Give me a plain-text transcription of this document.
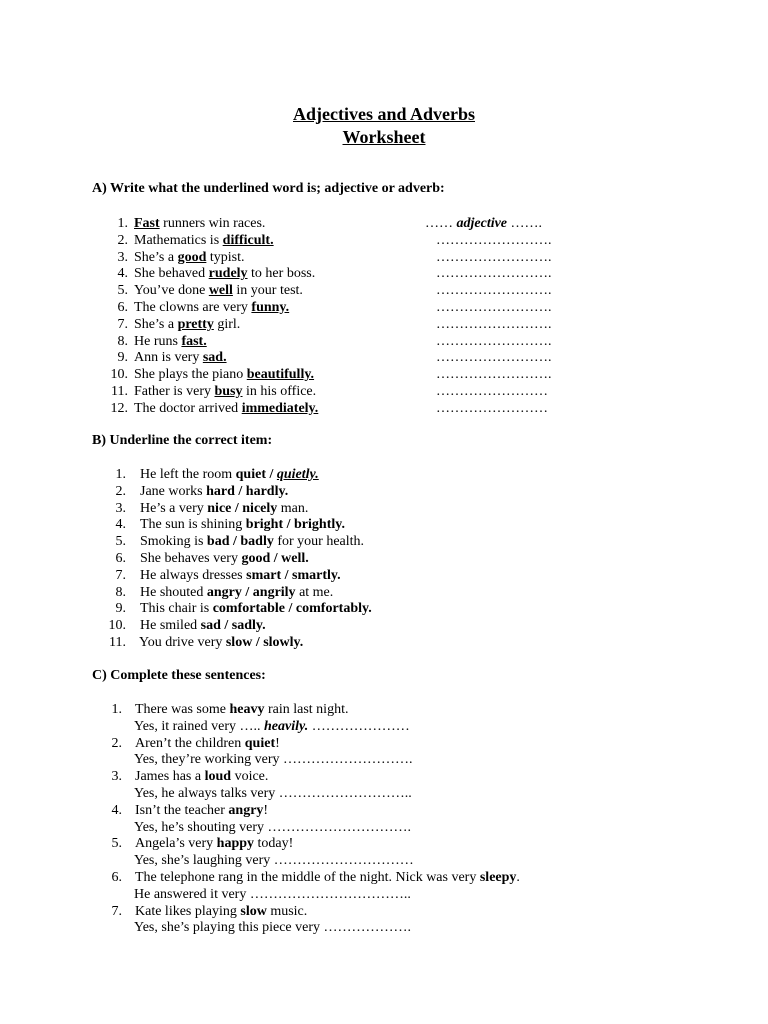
Adjectives and Adverbs
Worksheet
A) Write what the underlined word is; adjective or adverb:
1. Fast runners win races.	…… adjective …….
2. Mathematics is difficult.	…………………….
3. She’s a good typist.	…………………….
4. She behaved rudely to her boss.	…………………….
5. You’ve done well in your test.	…………………….
6. The clowns are very funny.	…………………….
7. She’s a pretty girl.	…………………….
8. He runs fast.	…………………….
9. Ann is very sad.	…………………….
10. She plays the piano beautifully.	…………………….
11. Father is very busy in his office.	……………………
12. The doctor arrived immediately.	……………………
B) Underline the correct item:
1. He left the room quiet / quietly.
2. Jane works hard / hardly.
3. He’s a very nice / nicely man.
4. The sun is shining bright / brightly.
5. Smoking is bad / badly for your health.
6. She behaves very good / well.
7. He always dresses smart / smartly.
8. He shouted angry / angrily at me.
9. This chair is comfortable / comfortably.
10. He smiled sad / sadly.
11. You drive very slow / slowly.
C) Complete these sentences:
1. There was some heavy rain last night.
Yes, it rained very ….. heavily. …………………
2. Aren’t the children quiet!
Yes, they’re working very ……………………….
3. James has a loud voice.
Yes, he always talks very ………………………..
4. Isn’t the teacher angry!
Yes, he’s shouting very ………………………….
5. Angela’s very happy today!
Yes, she’s laughing very …………………………
6. The telephone rang in the middle of the night. Nick was very sleepy.
He answered it very ……………………………..
7. Kate likes playing slow music.
Yes, she’s playing this piece very ……………….
